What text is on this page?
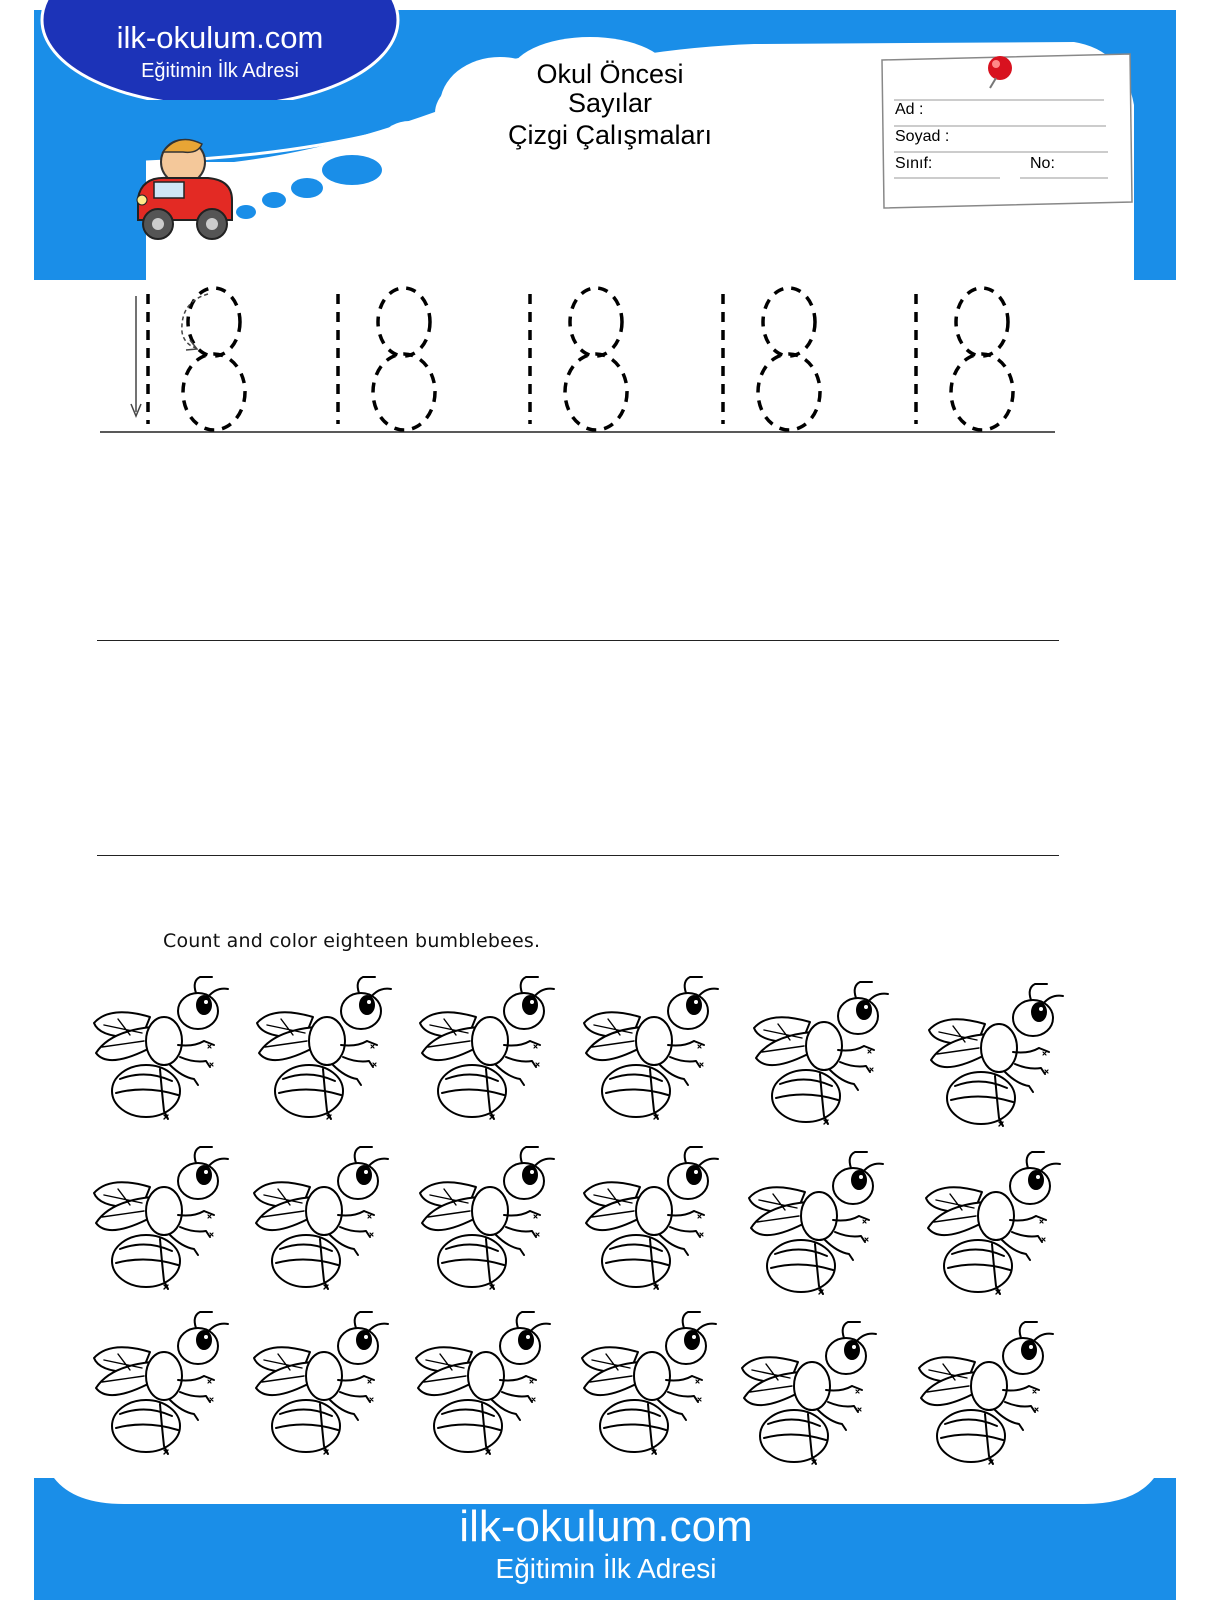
ilk-okulum.com
Eğitimin İlk Adresi	Okul Öncesi
Sayılar
Çizgi Çalışmaları
Ad :
Soyad :
Sınıf:	No:
Count and color eighteen bumblebees.
ilk-okulum.com
Eğitimin İlk Adresi
